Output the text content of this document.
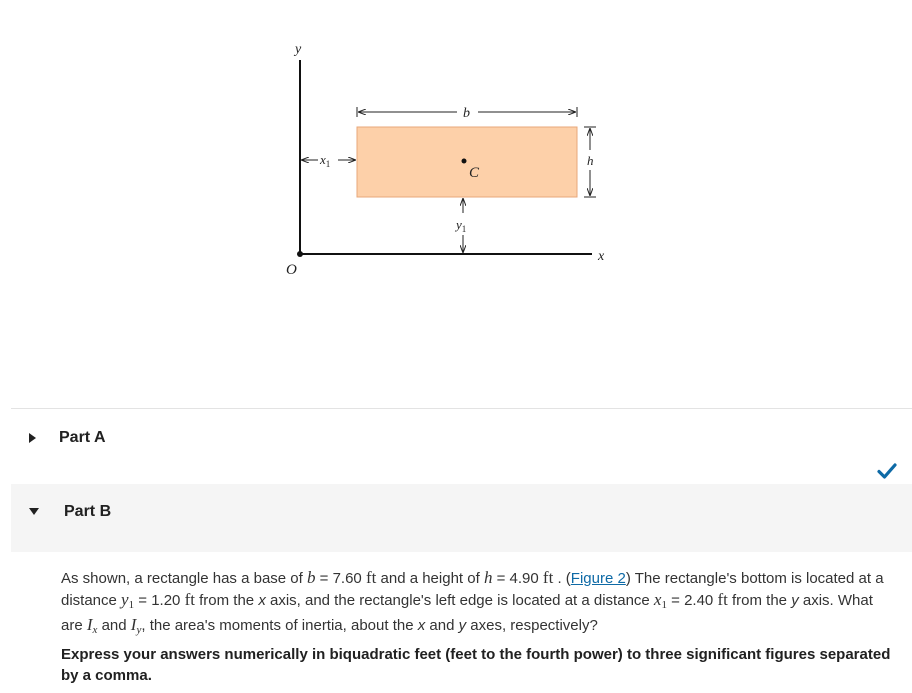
y
x
O
C
b
h
$x_1$
$y_1$
Part A
Part B
As shown, a rectangle has a base of b = 7.60 ft and a height of h = 4.90 ft . (Figure 2) The rectangle's bottom is located at a distance $y_1 = 1.20$ ft from the x axis, and the rectangle's left edge is located at a distance $x_1 = 2.40$ ft from the y axis. What are $I_x$ and $I_y$, the area's moments of inertia, about the x and y axes, respectively?
Express your answers numerically in biquadratic feet (feet to the fourth power) to three significant figures separated by a comma.
